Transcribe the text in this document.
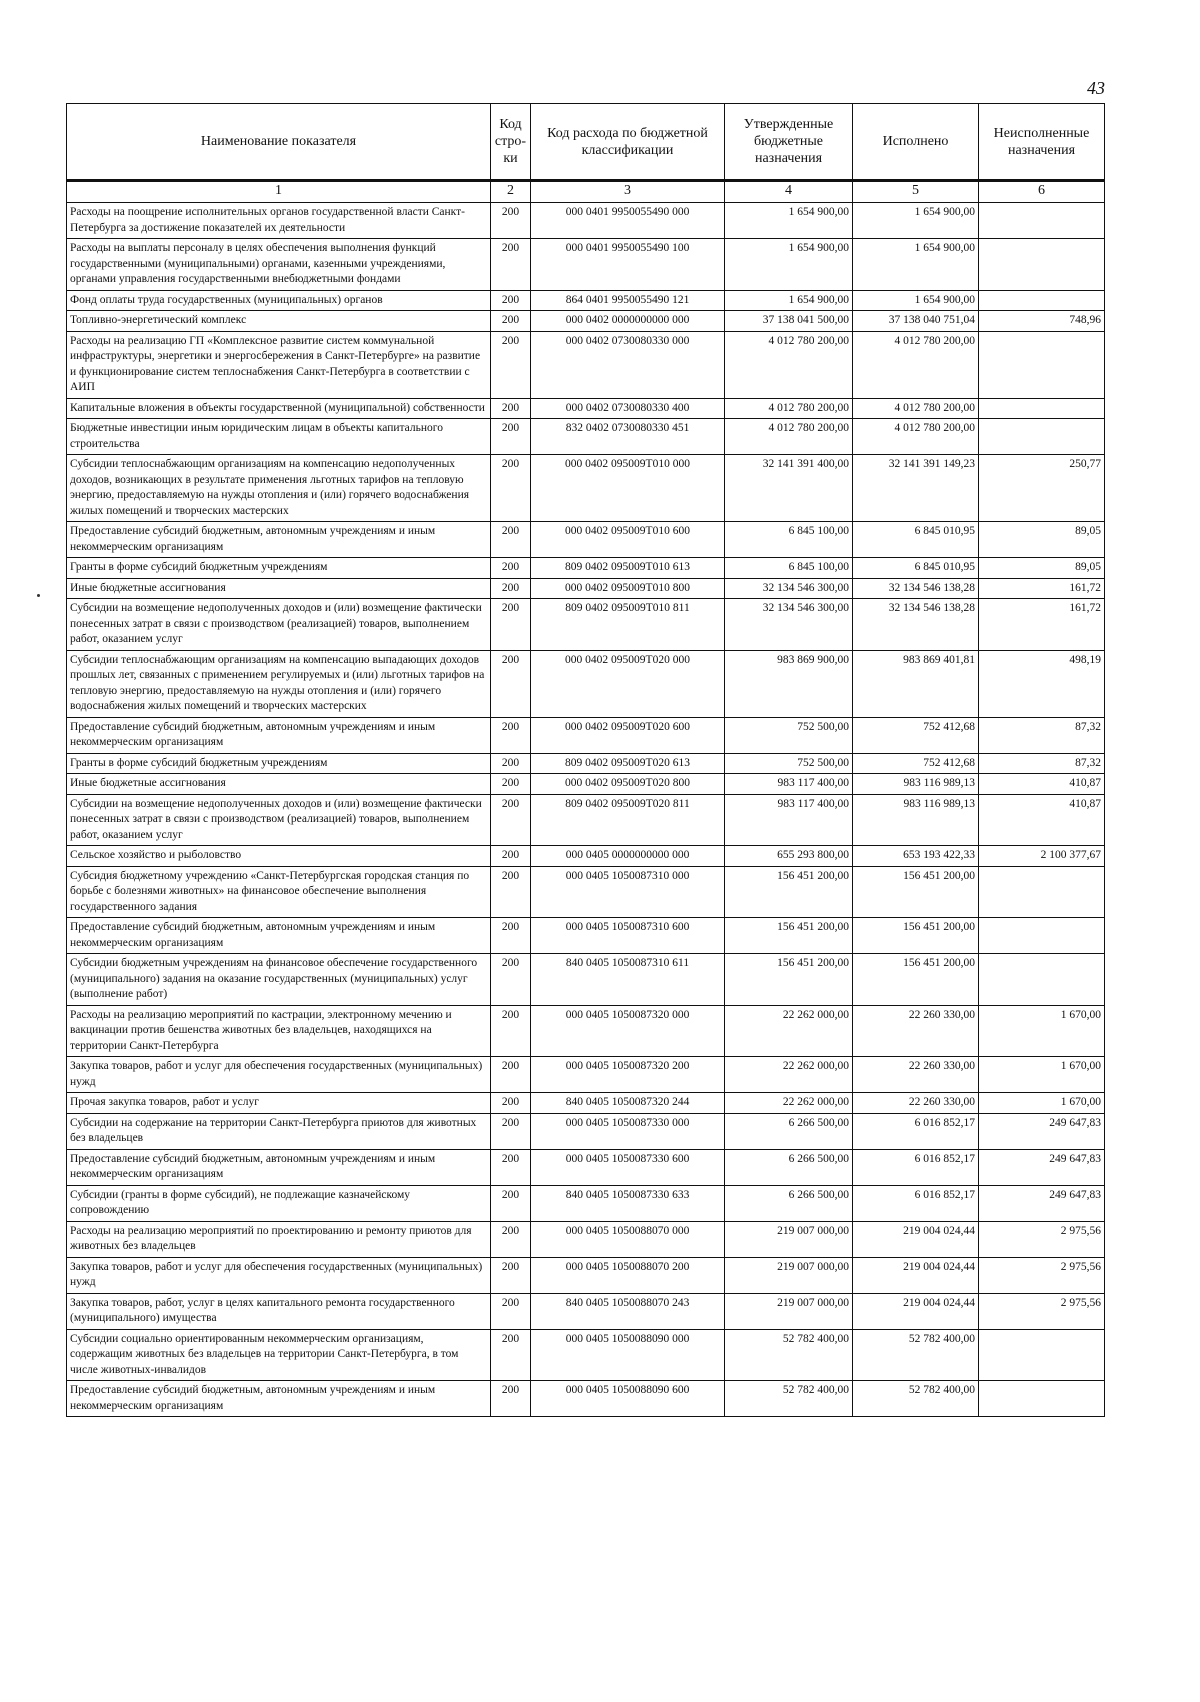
43
Наименование показателя	Код стро-ки	Код расхода по бюджетной классификации	Утвержденные бюджетные назначения	Исполнено	Неисполненные назначения
1	2	3	4	5	6
Расходы на поощрение исполнительных органов государственной власти Санкт-Петербурга за достижение показателей их деятельности	200	000 0401 9950055490 000	1 654 900,00	1 654 900,00	
Расходы на выплаты персоналу в целях обеспечения выполнения функций государственными (муниципальными) органами, казенными учреждениями, органами управления государственными внебюджетными фондами	200	000 0401 9950055490 100	1 654 900,00	1 654 900,00	
Фонд оплаты труда государственных (муниципальных) органов	200	864 0401 9950055490 121	1 654 900,00	1 654 900,00	
Топливно-энергетический комплекс	200	000 0402 0000000000 000	37 138 041 500,00	37 138 040 751,04	748,96
Расходы на реализацию ГП «Комплексное развитие систем коммунальной инфраструктуры, энергетики и энергосбережения в Санкт-Петербурге» на развитие и функционирование систем теплоснабжения Санкт-Петербурга в соответствии с АИП	200	000 0402 0730080330 000	4 012 780 200,00	4 012 780 200,00	
Капитальные вложения в объекты государственной (муниципальной) собственности	200	000 0402 0730080330 400	4 012 780 200,00	4 012 780 200,00	
Бюджетные инвестиции иным юридическим лицам в объекты капитального строительства	200	832 0402 0730080330 451	4 012 780 200,00	4 012 780 200,00	
Субсидии теплоснабжающим организациям на компенсацию недополученных доходов, возникающих в результате применения льготных тарифов на тепловую энергию, предоставляемую на нужды отопления и (или) горячего водоснабжения жилых помещений и творческих мастерских	200	000 0402 095009Т010 000	32 141 391 400,00	32 141 391 149,23	250,77
Предоставление субсидий бюджетным, автономным учреждениям и иным некоммерческим организациям	200	000 0402 095009Т010 600	6 845 100,00	6 845 010,95	89,05
Гранты в форме субсидий бюджетным учреждениям	200	809 0402 095009Т010 613	6 845 100,00	6 845 010,95	89,05
Иные бюджетные ассигнования	200	000 0402 095009Т010 800	32 134 546 300,00	32 134 546 138,28	161,72
Субсидии на возмещение недополученных доходов и (или) возмещение фактически понесенных затрат в связи с производством (реализацией) товаров, выполнением работ, оказанием услуг	200	809 0402 095009Т010 811	32 134 546 300,00	32 134 546 138,28	161,72
Субсидии теплоснабжающим организациям на компенсацию выпадающих доходов прошлых лет, связанных с применением регулируемых и (или) льготных тарифов на тепловую энергию, предоставляемую на нужды отопления и (или) горячего водоснабжения жилых помещений и творческих мастерских	200	000 0402 095009Т020 000	983 869 900,00	983 869 401,81	498,19
Предоставление субсидий бюджетным, автономным учреждениям и иным некоммерческим организациям	200	000 0402 095009Т020 600	752 500,00	752 412,68	87,32
Гранты в форме субсидий бюджетным учреждениям	200	809 0402 095009Т020 613	752 500,00	752 412,68	87,32
Иные бюджетные ассигнования	200	000 0402 095009Т020 800	983 117 400,00	983 116 989,13	410,87
Субсидии на возмещение недополученных доходов и (или) возмещение фактически понесенных затрат в связи с производством (реализацией) товаров, выполнением работ, оказанием услуг	200	809 0402 095009Т020 811	983 117 400,00	983 116 989,13	410,87
Сельское хозяйство и рыболовство	200	000 0405 0000000000 000	655 293 800,00	653 193 422,33	2 100 377,67
Субсидия бюджетному учреждению «Санкт-Петербургская городская станция по борьбе с болезнями животных» на финансовое обеспечение выполнения государственного задания	200	000 0405 1050087310 000	156 451 200,00	156 451 200,00	
Предоставление субсидий бюджетным, автономным учреждениям и иным некоммерческим организациям	200	000 0405 1050087310 600	156 451 200,00	156 451 200,00	
Субсидии бюджетным учреждениям на финансовое обеспечение государственного (муниципального) задания на оказание государственных (муниципальных) услуг (выполнение работ)	200	840 0405 1050087310 611	156 451 200,00	156 451 200,00	
Расходы на реализацию мероприятий по кастрации, электронному мечению и вакцинации против бешенства животных без владельцев, находящихся на территории Санкт-Петербурга	200	000 0405 1050087320 000	22 262 000,00	22 260 330,00	1 670,00
Закупка товаров, работ и услуг для обеспечения государственных (муниципальных) нужд	200	000 0405 1050087320 200	22 262 000,00	22 260 330,00	1 670,00
Прочая закупка товаров, работ и услуг	200	840 0405 1050087320 244	22 262 000,00	22 260 330,00	1 670,00
Субсидии на содержание на территории Санкт-Петербурга приютов для животных без владельцев	200	000 0405 1050087330 000	6 266 500,00	6 016 852,17	249 647,83
Предоставление субсидий бюджетным, автономным учреждениям и иным некоммерческим организациям	200	000 0405 1050087330 600	6 266 500,00	6 016 852,17	249 647,83
Субсидии (гранты в форме субсидий), не подлежащие казначейскому сопровождению	200	840 0405 1050087330 633	6 266 500,00	6 016 852,17	249 647,83
Расходы на реализацию мероприятий по проектированию и ремонту приютов для животных без владельцев	200	000 0405 1050088070 000	219 007 000,00	219 004 024,44	2 975,56
Закупка товаров, работ и услуг для обеспечения государственных (муниципальных) нужд	200	000 0405 1050088070 200	219 007 000,00	219 004 024,44	2 975,56
Закупка товаров, работ, услуг в целях капитального ремонта государственного (муниципального) имущества	200	840 0405 1050088070 243	219 007 000,00	219 004 024,44	2 975,56
Субсидии социально ориентированным некоммерческим организациям, содержащим животных без владельцев на территории Санкт-Петербурга, в том числе животных-инвалидов	200	000 0405 1050088090 000	52 782 400,00	52 782 400,00	
Предоставление субсидий бюджетным, автономным учреждениям и иным некоммерческим организациям	200	000 0405 1050088090 600	52 782 400,00	52 782 400,00	
